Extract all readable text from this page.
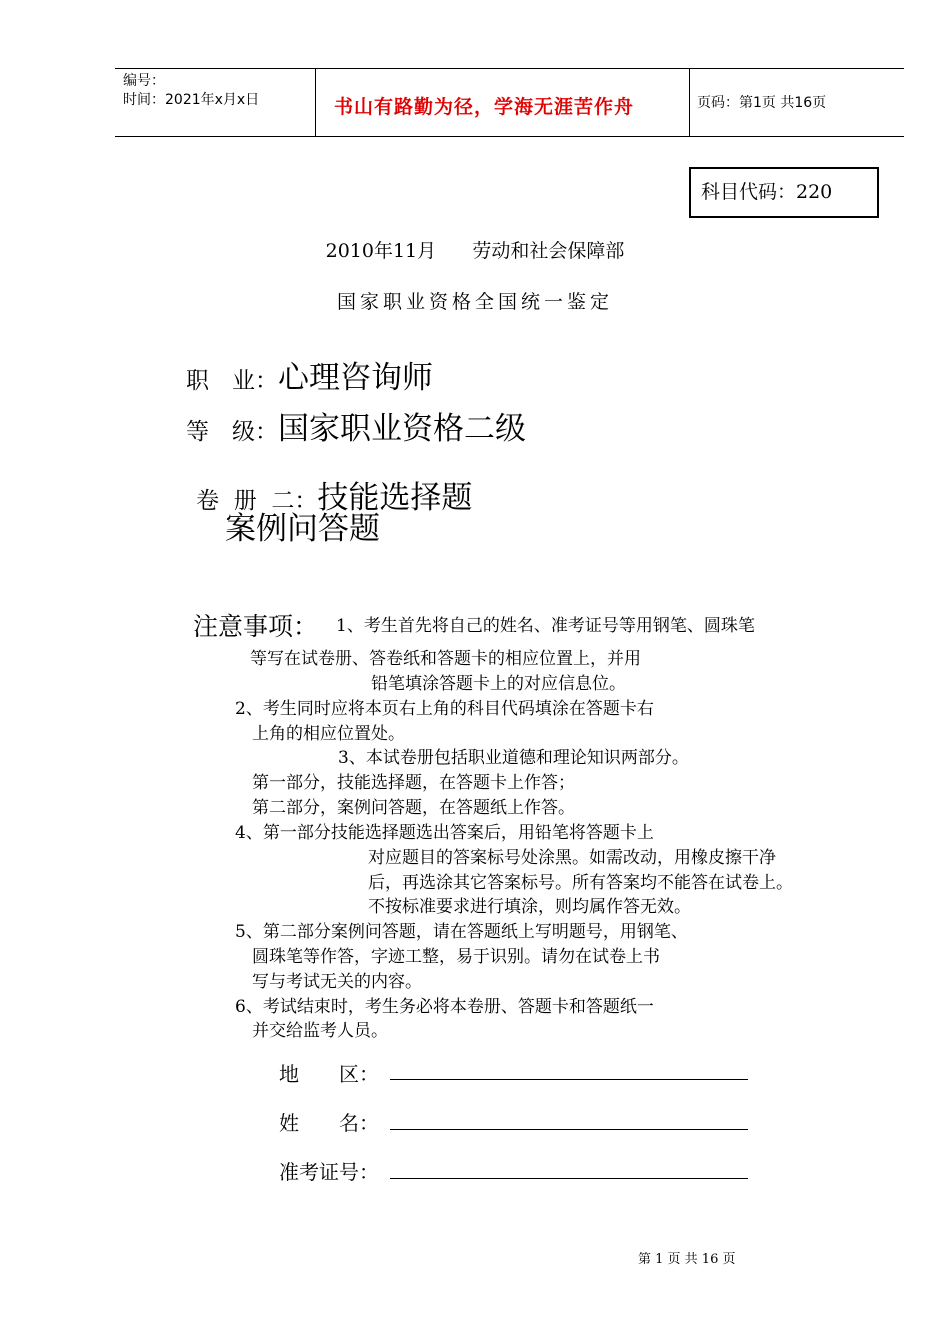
编号：
时间：2021年x月x日	书山有路勤为径，学海无涯苦作舟	页码：第1页 共16页
科目代码：220
2010年11月      劳动和社会保障部
国家职业资格全国统一鉴定
职　业：心理咨询师
等　级：国家职业资格二级

卷  册  二：技能选择题

案例问答题
注意事项： 1、考生首先将自己的姓名、准考证号等用钢笔、圆珠笔
等写在试卷册、答卷纸和答题卡的相应位置上，并用
铅笔填涂答题卡上的对应信息位。
2、考生同时应将本页右上角的科目代码填涂在答题卡右
上角的相应位置处。
3、本试卷册包括职业道德和理论知识两部分。
第一部分，技能选择题，在答题卡上作答；
第二部分，案例问答题，在答题纸上作答。
4、第一部分技能选择题选出答案后，用铅笔将答题卡上
对应题目的答案标号处涂黑。如需改动，用橡皮擦干净
后，再选涂其它答案标号。所有答案均不能答在试卷上。
不按标准要求进行填涂，则均属作答无效。
5、第二部分案例问答题，请在答题纸上写明题号，用钢笔、
圆珠笔等作答，字迹工整，易于识别。请勿在试卷上书
写与考试无关的内容。
6、考试结束时，考生务必将本卷册、答题卡和答题纸一
并交给监考人员。
地　　区：
姓　　名：
准考证号：
第 1 页 共 16 页
